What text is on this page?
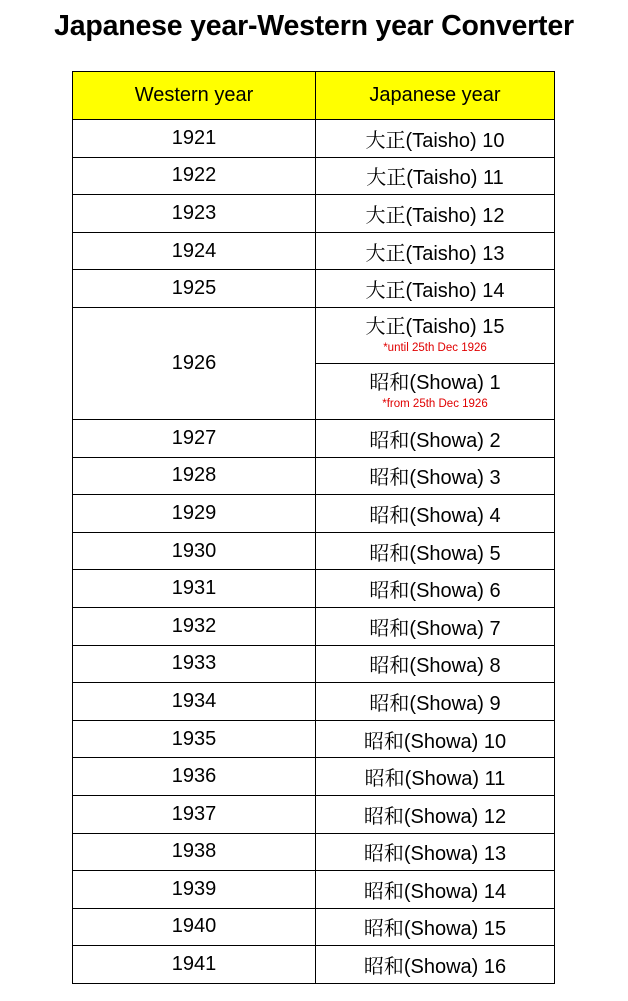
Japanese year-Western year Converter
Western year	Japanese year
1921	大正(Taisho) 10
1922	大正(Taisho) 11
1923	大正(Taisho) 12
1924	大正(Taisho) 13
1925	大正(Taisho) 14
1926	大正(Taisho) 15
*until 25th Dec 1926
昭和(Showa) 1
*from 25th Dec 1926

1927	昭和(Showa) 2
1928	昭和(Showa) 3
1929	昭和(Showa) 4
1930	昭和(Showa) 5
1931	昭和(Showa) 6
1932	昭和(Showa) 7
1933	昭和(Showa) 8
1934	昭和(Showa) 9
1935	昭和(Showa) 10
1936	昭和(Showa) 11
1937	昭和(Showa) 12
1938	昭和(Showa) 13
1939	昭和(Showa) 14
1940	昭和(Showa) 15
1941	昭和(Showa) 16
